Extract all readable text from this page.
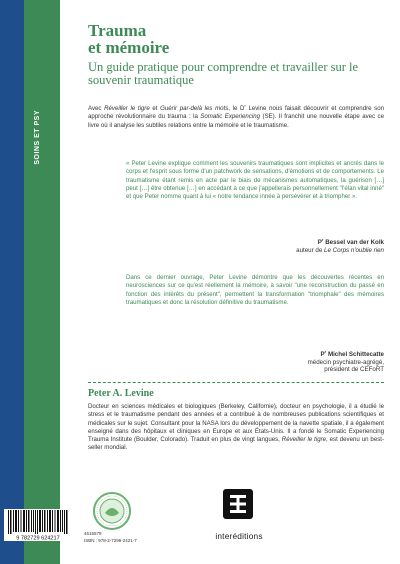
SOINS ET PSY
Trauma
et mémoire
Un guide pratique pour comprendre et travailler sur le souvenir traumatique
Avec Réveiller le tigre et Guérir par-delà les mots, le $D^r$ Levine nous faisait découvrir et comprendre son approche révolutionnaire du trauma : la Somatic Experiencing (SE). Il franchit une nouvelle étape avec ce livre où il analyse les subtiles relations entre la mémoire et le traumatisme.
« Peter Levine explique comment les souvenirs traumatiques sont implicites et ancrés dans le corps et l'esprit sous forme d'un patchwork de sensations, d'émotions et de comportements. Le traumatisme étant remis en acte par le biais de mécanismes automatiques, la guérison […] peut […] être obtenue […] en accédant à ce que j'appellerais personnellement "l'élan vital inné" et que Peter nomme quant à lui « notre tendance innée à persévérer et à triompher ».
$P^r$ Bessel van der Kolk
auteur de Le Corps n'oublie rien
Dans ce dernier ouvrage, Peter Levine démontre que les découvertes récentes en neurosciences sur ce qu'est réellement la mémoire, à savoir "une reconstruction du passé en fonction des intérêts du présent", permettent la transformation "triomphale" des mémoires traumatiques et donc la résolution définitive du traumatisme.
$P^r$ Michel Schittecatte
médecin psychiatre-agrégé,
président de CEFoRT
Peter A. Levine
Docteur en sciences médicales et biologiques (Berkeley, Californie), docteur en psychologie, il a étudié le stress et le traumatisme pendant des années et a contribué à de nombreuses publications scientifiques et médicales sur le sujet. Consultant pour la NASA lors du développement de la navette spatiale, il a également enseigné dans des hôpitaux et cliniques en Europe et aux États-Unis. Il a fondé le Somatic Experiencing Trauma Institute (Boulder, Colorado). Traduit en plus de vingt langues, Réveiller le tigre, est devenu un best-seller mondial.
9 782729 624217
4516579
ISBN : 978-2-7296-2421-7	interéditions
